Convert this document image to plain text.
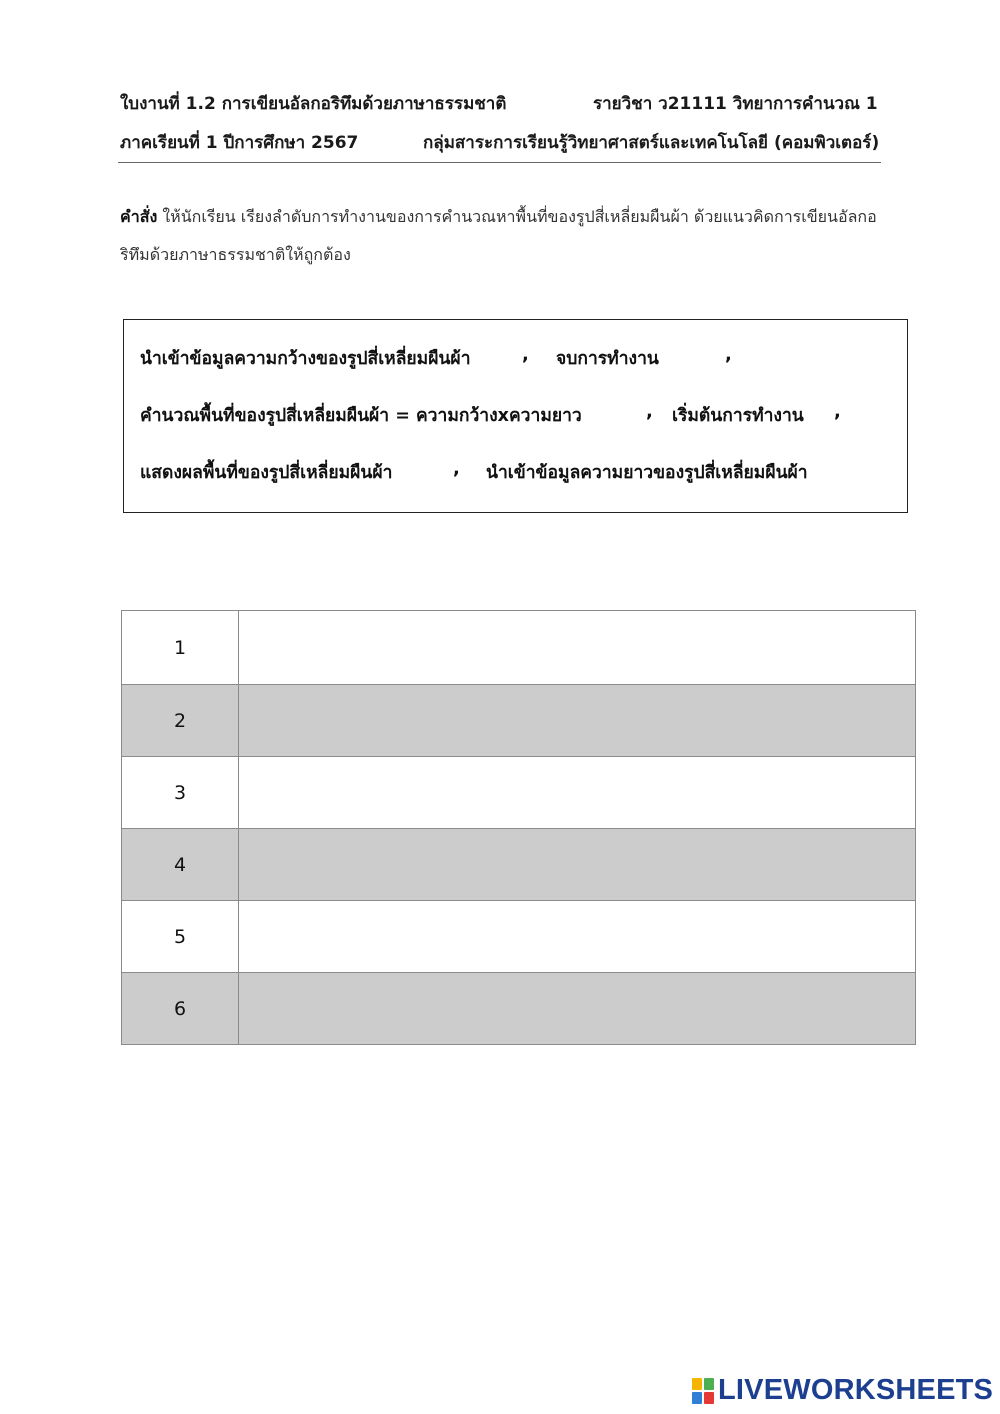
ใบงานที่ 1.2 การเขียนอัลกอริทึมด้วยภาษาธรรมชาติ	รายวิชา ว21111 วิทยาการคำนวณ 1
ภาคเรียนที่ 1 ปีการศึกษา 2567	กลุ่มสาระการเรียนรู้วิทยาศาสตร์และเทคโนโลยี (คอมพิวเตอร์)
คำสั่ง ให้นักเรียน เรียงลำดับการทำงานของการคำนวณหาพื้นที่ของรูปสี่เหลี่ยมผืนผ้า ด้วยแนวคิดการเขียนอัลกอริทึมด้วยภาษาธรรมชาติให้ถูกต้อง
นำเข้าข้อมูลความกว้างของรูปสี่เหลี่ยมผืนผ้า	, จบการทำงาน	,
คำนวณพื้นที่ของรูปสี่เหลี่ยมผืนผ้า = ความกว้างxความยาว	, เริ่มต้นการทำงาน ,
แสดงผลพื้นที่ของรูปสี่เหลี่ยมผืนผ้า	, นำเข้าข้อมูลความยาวของรูปสี่เหลี่ยมผืนผ้า
1
2
3
4
5
6
LIVEWORKSHEETS
